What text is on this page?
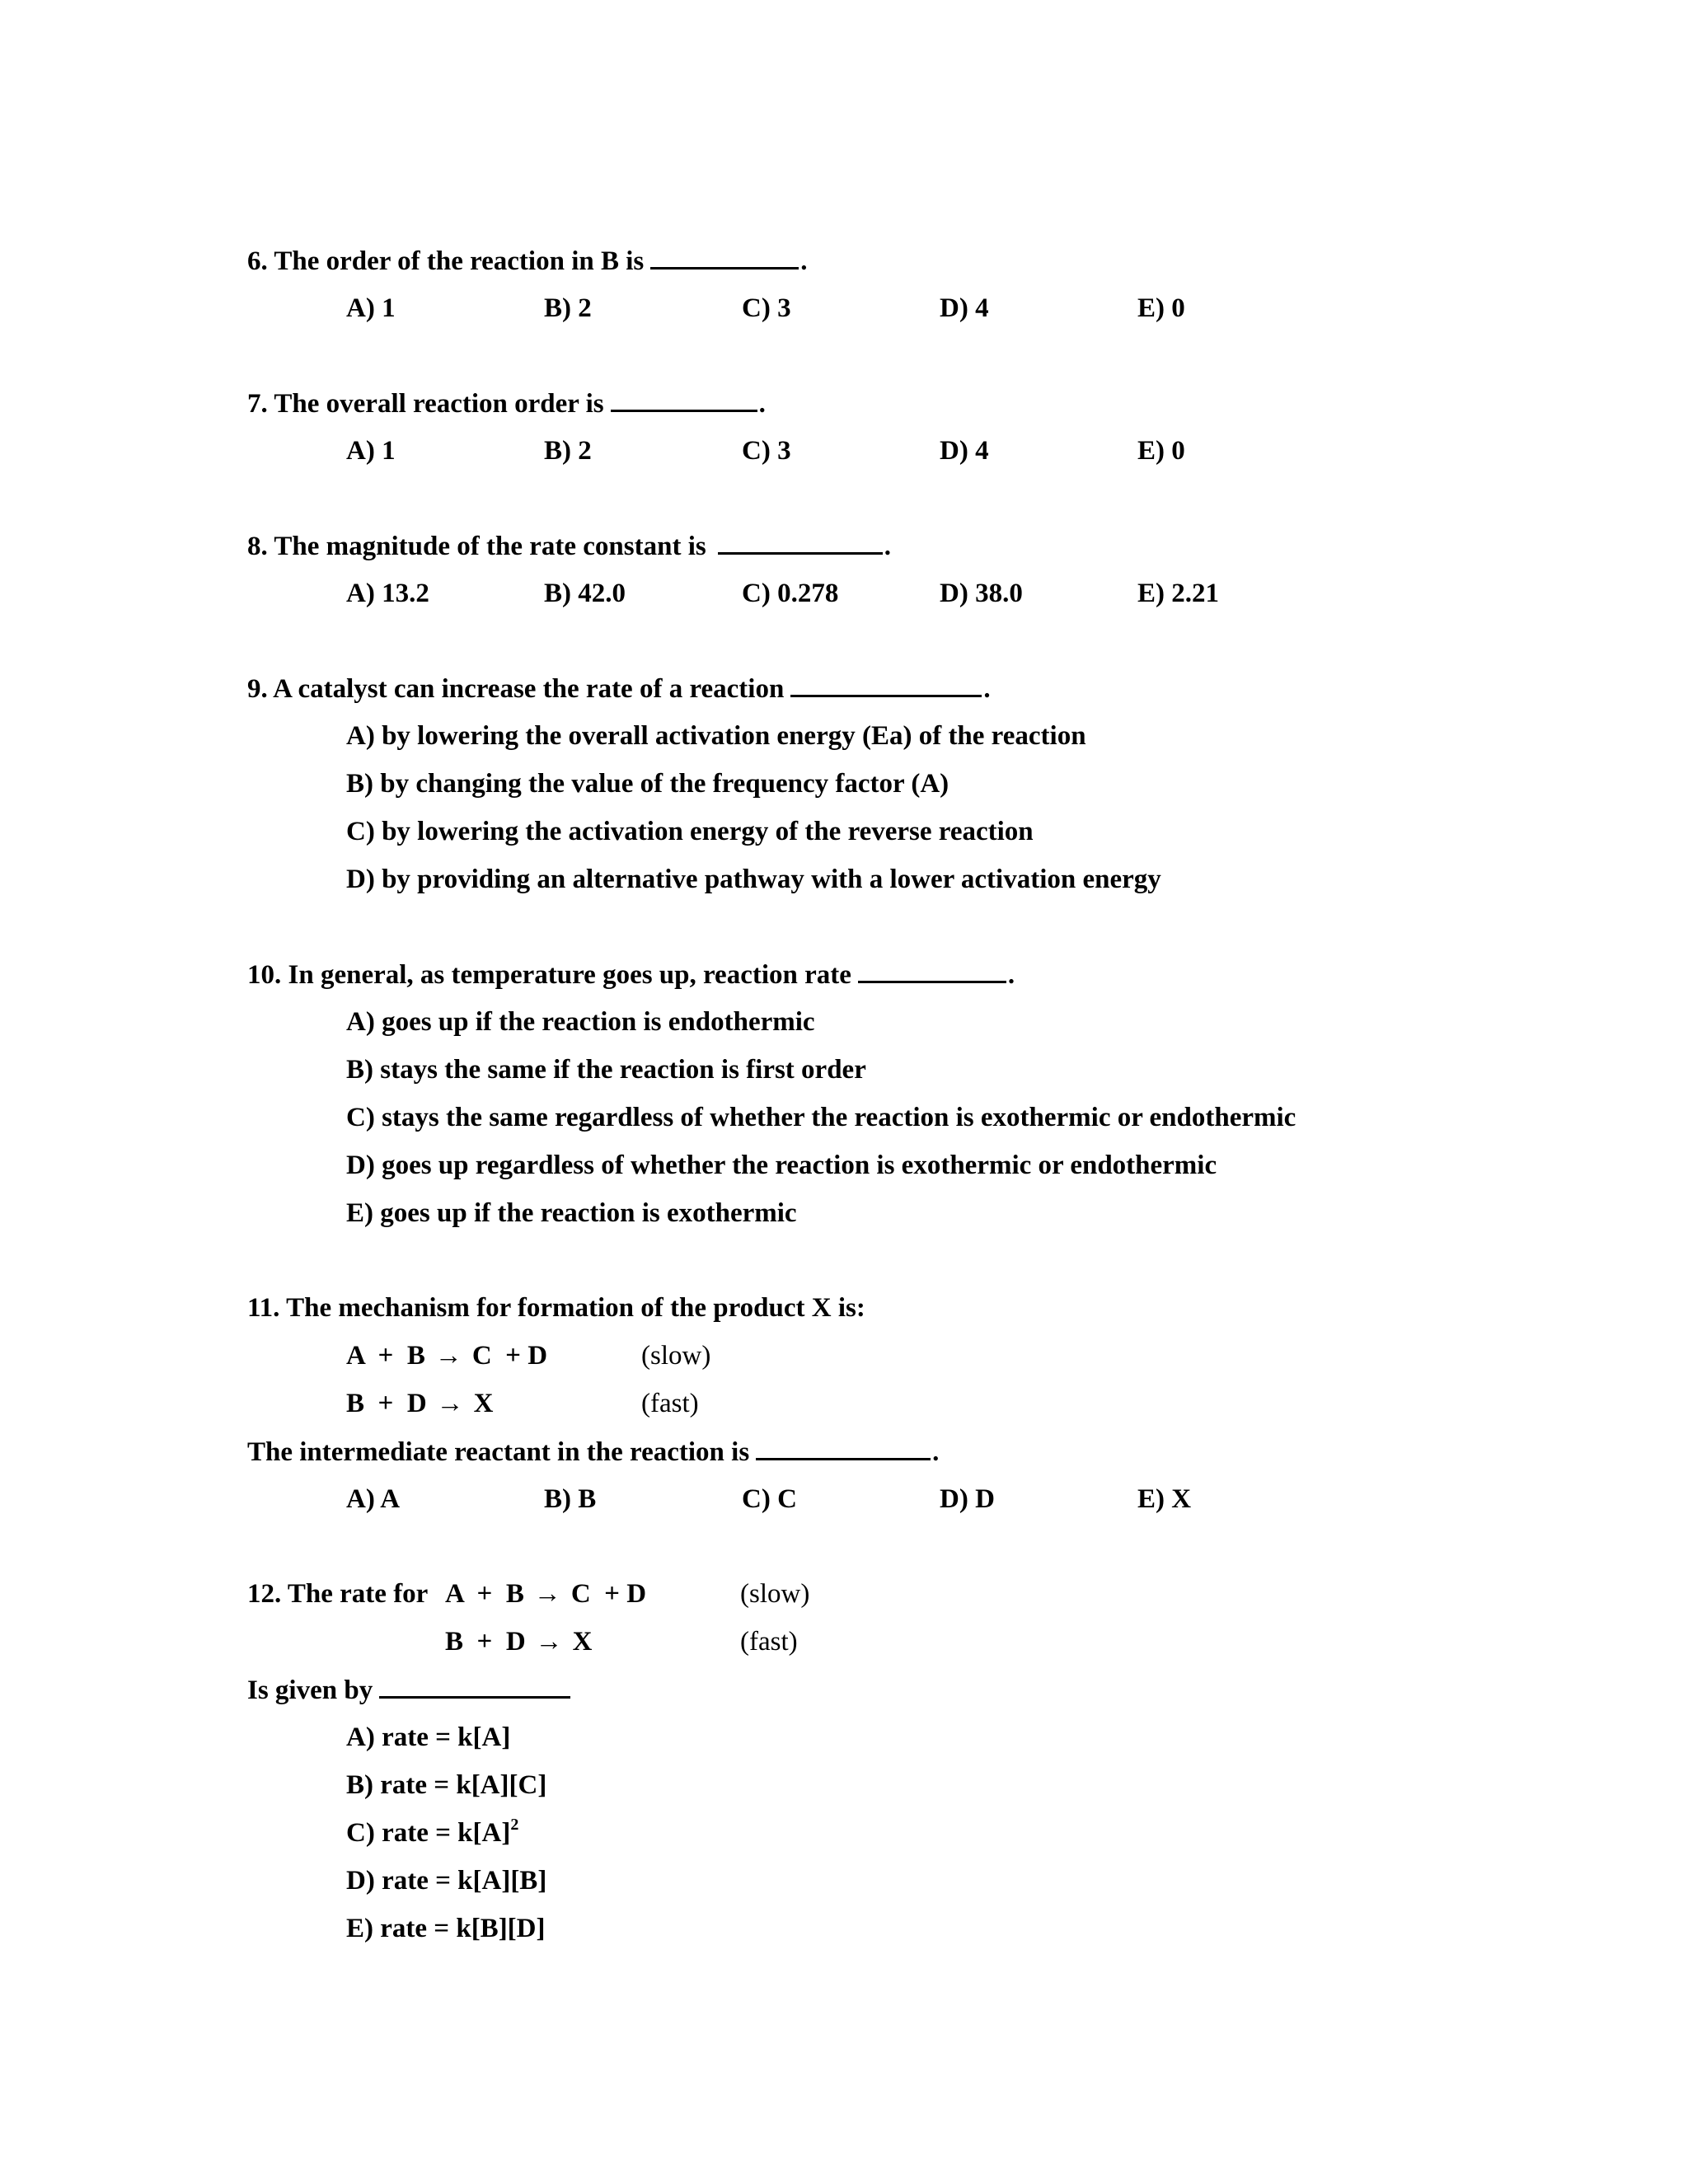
6. The order of the reaction in B is	.
A) 1	B) 2	C) 3	D) 4	E) 0
7. The overall reaction order is	.
A) 1	B) 2	C) 3	D) 4	E) 0
8. The magnitude of the rate constant is	.
A) 13.2	B) 42.0	C) 0.278	D) 38.0	E) 2.21
9. A catalyst can increase the rate of a reaction	.
A) by lowering the overall activation energy (Ea) of the reaction
B) by changing the value of the frequency factor (A)
C) by lowering the activation energy of the reverse reaction
D) by providing an alternative pathway with a lower activation energy
10. In general, as temperature goes up, reaction rate	.
A) goes up if the reaction is endothermic
B) stays the same if the reaction is first order
C) stays the same regardless of whether the reaction is exothermic or endothermic
D) goes up regardless of whether the reaction is exothermic or endothermic
E) goes up if the reaction is exothermic
11. The mechanism for formation of the product X is:
A  +  B → C  + D	(slow)
B  +  D → X	(fast)
The intermediate reactant in the reaction is	.
A) A	B) B	C) C	D) D	E) X
12. The rate for A  +  B → C  + D	(slow)
B  +  D → X	(fast)
Is given by
A) rate = k[A]
B) rate = k[A][C]
C) rate = $k[A]^2$
D) rate = k[A][B]
E) rate = k[B][D]
